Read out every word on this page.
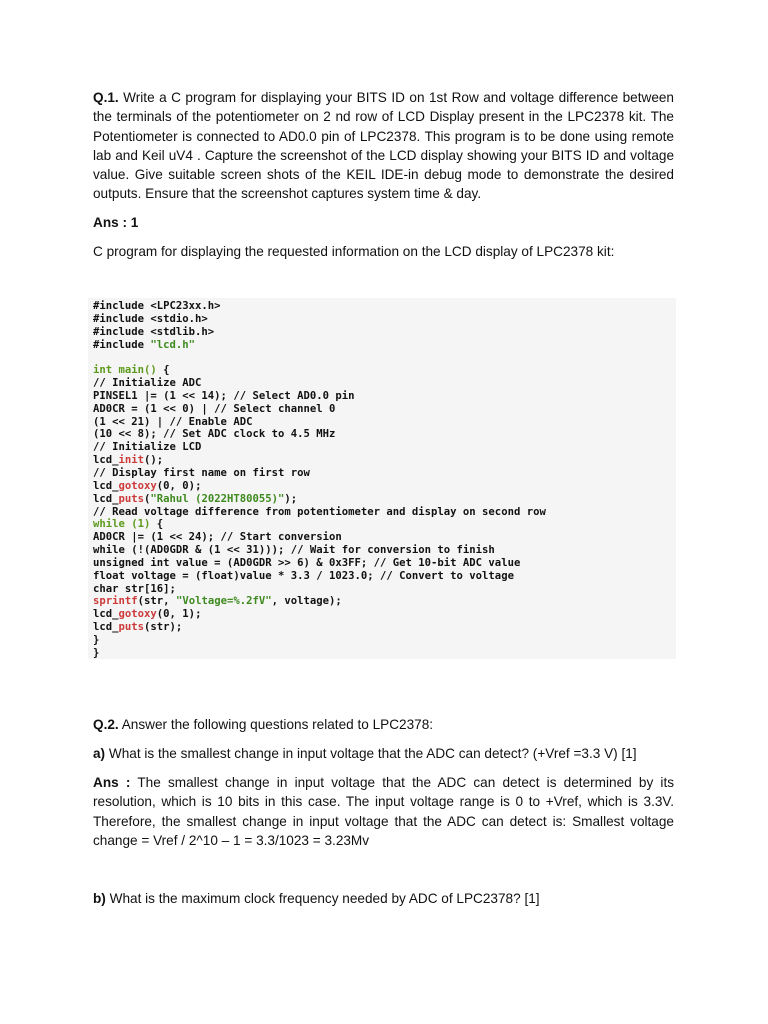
Q.1. Write a C program for displaying your BITS ID on 1st Row and voltage difference between the terminals of the potentiometer on 2 nd row of LCD Display present in the LPC2378 kit. The Potentiometer is connected to AD0.0 pin of LPC2378. This program is to be done using remote lab and Keil uV4 . Capture the screenshot of the LCD display showing your BITS ID and voltage value. Give suitable screen shots of the KEIL IDE-in debug mode to demonstrate the desired outputs. Ensure that the screenshot captures system time & day.

Ans : 1

C program for displaying the requested information on the LCD display of LPC2378 kit:

#include <LPC23xx.h>
#include <stdio.h>
#include <stdlib.h>
#include "lcd.h"

int main() {
// Initialize ADC
PINSEL1 |= (1 << 14); // Select AD0.0 pin
AD0CR = (1 << 0) | // Select channel 0
(1 << 21) | // Enable ADC
(10 << 8); // Set ADC clock to 4.5 MHz
// Initialize LCD
lcd_init();
// Display first name on first row
lcd_gotoxy(0, 0);
lcd_puts("Rahul (2022HT80055)");
// Read voltage difference from potentiometer and display on second row
while (1) {
AD0CR |= (1 << 24); // Start conversion
while (!(AD0GDR & (1 << 31))); // Wait for conversion to finish
unsigned int value = (AD0GDR >> 6) & 0x3FF; // Get 10-bit ADC value
float voltage = (float)value * 3.3 / 1023.0; // Convert to voltage
char str[16];
sprintf(str, "Voltage=%.2fV", voltage);
lcd_gotoxy(0, 1);
lcd_puts(str);
}
}

Q.2. Answer the following questions related to LPC2378:

a) What is the smallest change in input voltage that the ADC can detect? (+Vref =3.3 V) [1]

Ans : The smallest change in input voltage that the ADC can detect is determined by its resolution, which is 10 bits in this case. The input voltage range is 0 to +Vref, which is 3.3V. Therefore, the smallest change in input voltage that the ADC can detect is: Smallest voltage change = Vref / 2^10 – 1 = 3.3/1023 = 3.23Mv

b) What is the maximum clock frequency needed by ADC of LPC2378? [1]
